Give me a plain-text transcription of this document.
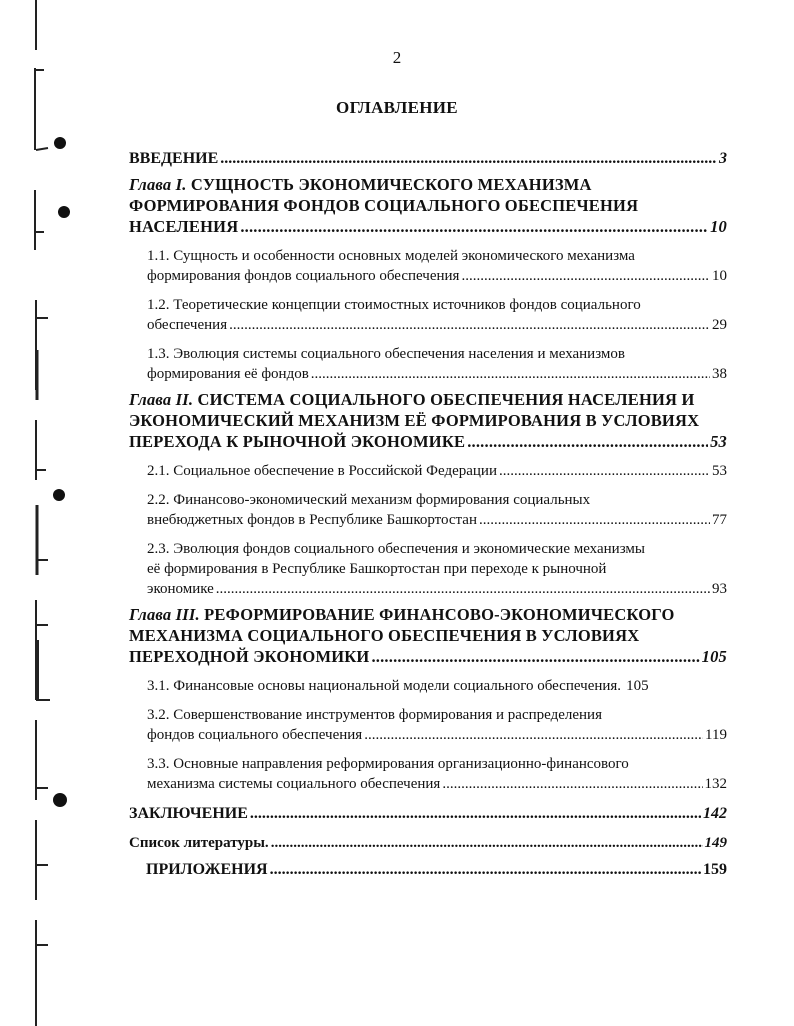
2
ОГЛАВЛЕНИЕ
ВВЕДЕНИЕ .....	3
Глава I. СУЩНОСТЬ ЭКОНОМИЧЕСКОГО МЕХАНИЗМА
ФОРМИРОВАНИЯ ФОНДОВ СОЦИАЛЬНОГО ОБЕСПЕЧЕНИЯ
НАСЕЛЕНИЯ .....	10
1.1. Сущность и особенности основных моделей экономического механизма
формирования фондов социального обеспечения .....	10
1.2. Теоретические концепции стоимостных источников фондов социального
обеспечения .....	29
1.3. Эволюция системы социального обеспечения населения и механизмов
формирования её фондов .....	38
Глава II. СИСТЕМА СОЦИАЛЬНОГО ОБЕСПЕЧЕНИЯ НАСЕЛЕНИЯ И
ЭКОНОМИЧЕСКИЙ МЕХАНИЗМ ЕЁ ФОРМИРОВАНИЯ В УСЛОВИЯХ
ПЕРЕХОДА К РЫНОЧНОЙ ЭКОНОМИКЕ .....	53
2.1. Социальное обеспечение в Российской Федерации .....	53
2.2. Финансово-экономический механизм формирования социальных
внебюджетных фондов в Республике Башкортостан .....	77
2.3. Эволюция фондов социального обеспечения и экономические механизмы
её формирования в Республике Башкортостан при переходе к рыночной
экономике .....	93
Глава III. РЕФОРМИРОВАНИЕ ФИНАНСОВО-ЭКОНОМИЧЕСКОГО
МЕХАНИЗМА СОЦИАЛЬНОГО ОБЕСПЕЧЕНИЯ В УСЛОВИЯХ
ПЕРЕХОДНОЙ ЭКОНОМИКИ .....	105
3.1. Финансовые основы национальной модели социального обеспечения. 105
3.2. Совершенствование инструментов формирования и распределения
фондов социального обеспечения .....	119
3.3. Основные направления реформирования организационно-финансового
механизма системы социального обеспечения .....	132
ЗАКЛЮЧЕНИЕ .....	142
Список литературы. .....	149
ПРИЛОЖЕНИЯ .....	159
